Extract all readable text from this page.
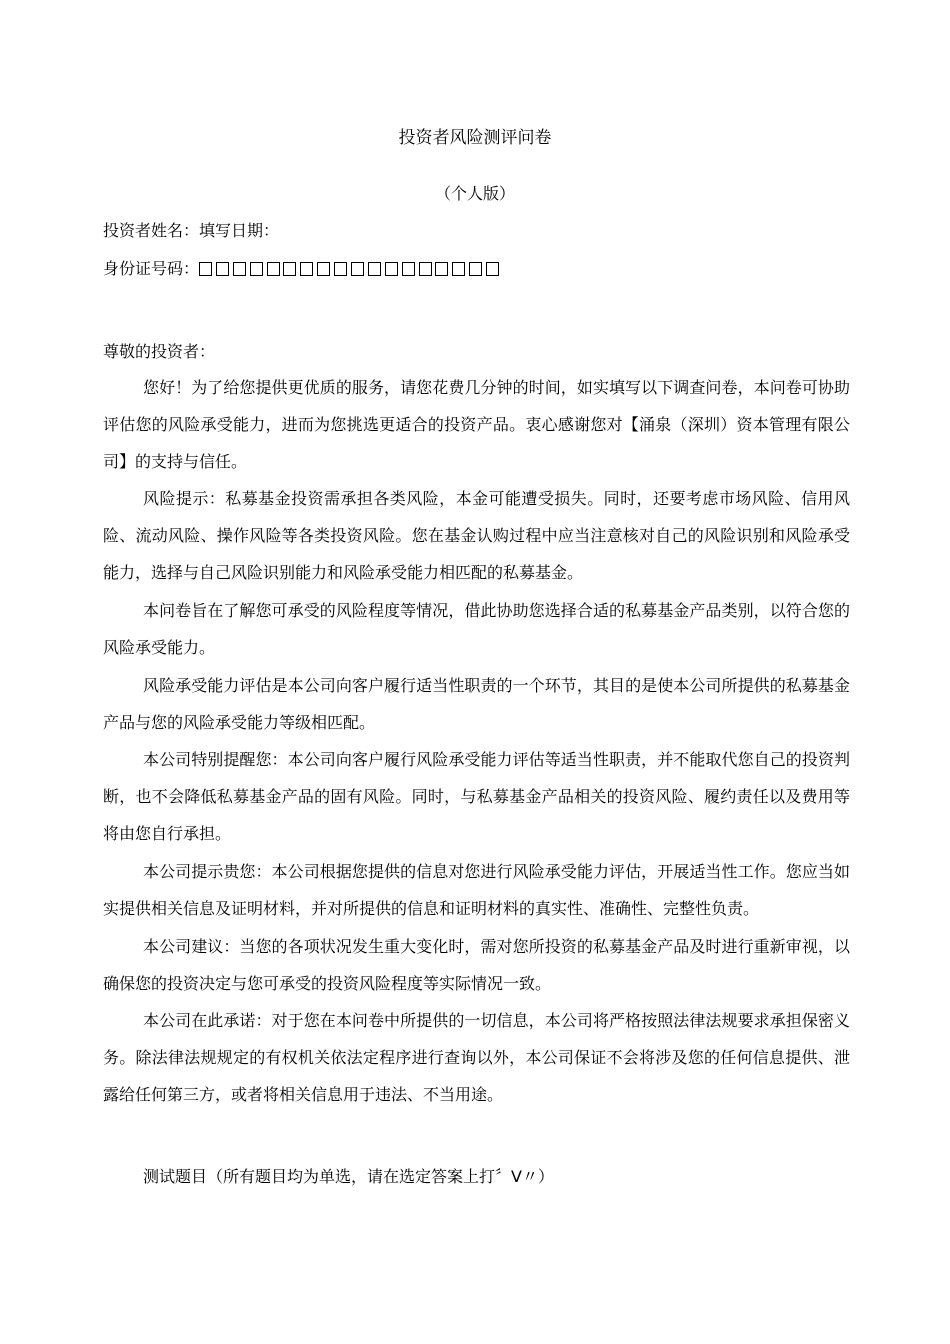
投资者风险测评问卷
（个人版）
投资者姓名：填写日期：
身份证号码：
尊敬的投资者：

您好！为了给您提供更优质的服务，请您花费几分钟的时间，如实填写以下调查问卷，本问卷可协助评估您的风险承受能力，进而为您挑选更适合的投资产品。衷心感谢您对【涌泉（深圳）资本管理有限公司】的支持与信任。

风险提示：私募基金投资需承担各类风险，本金可能遭受损失。同时，还要考虑市场风险、信用风险、流动风险、操作风险等各类投资风险。您在基金认购过程中应当注意核对自己的风险识别和风险承受能力，选择与自己风险识别能力和风险承受能力相匹配的私募基金。

本问卷旨在了解您可承受的风险程度等情况，借此协助您选择合适的私募基金产品类别，以符合您的风险承受能力。

风险承受能力评估是本公司向客户履行适当性职责的一个环节，其目的是使本公司所提供的私募基金产品与您的风险承受能力等级相匹配。

本公司特别提醒您：本公司向客户履行风险承受能力评估等适当性职责，并不能取代您自己的投资判断，也不会降低私募基金产品的固有风险。同时，与私募基金产品相关的投资风险、履约责任以及费用等将由您自行承担。

本公司提示贵您：本公司根据您提供的信息对您进行风险承受能力评估，开展适当性工作。您应当如实提供相关信息及证明材料，并对所提供的信息和证明材料的真实性、准确性、完整性负责。

本公司建议：当您的各项状况发生重大变化时，需对您所投资的私募基金产品及时进行重新审视，以确保您的投资决定与您可承受的投资风险程度等实际情况一致。

本公司在此承诺：对于您在本问卷中所提供的一切信息，本公司将严格按照法律法规要求承担保密义务。除法律法规规定的有权机关依法定程序进行查询以外，本公司保证不会将涉及您的任何信息提供、泄露给任何第三方，或者将相关信息用于违法、不当用途。

测试题目（所有题目均为单选，请在选定答案上打〞V〃）
